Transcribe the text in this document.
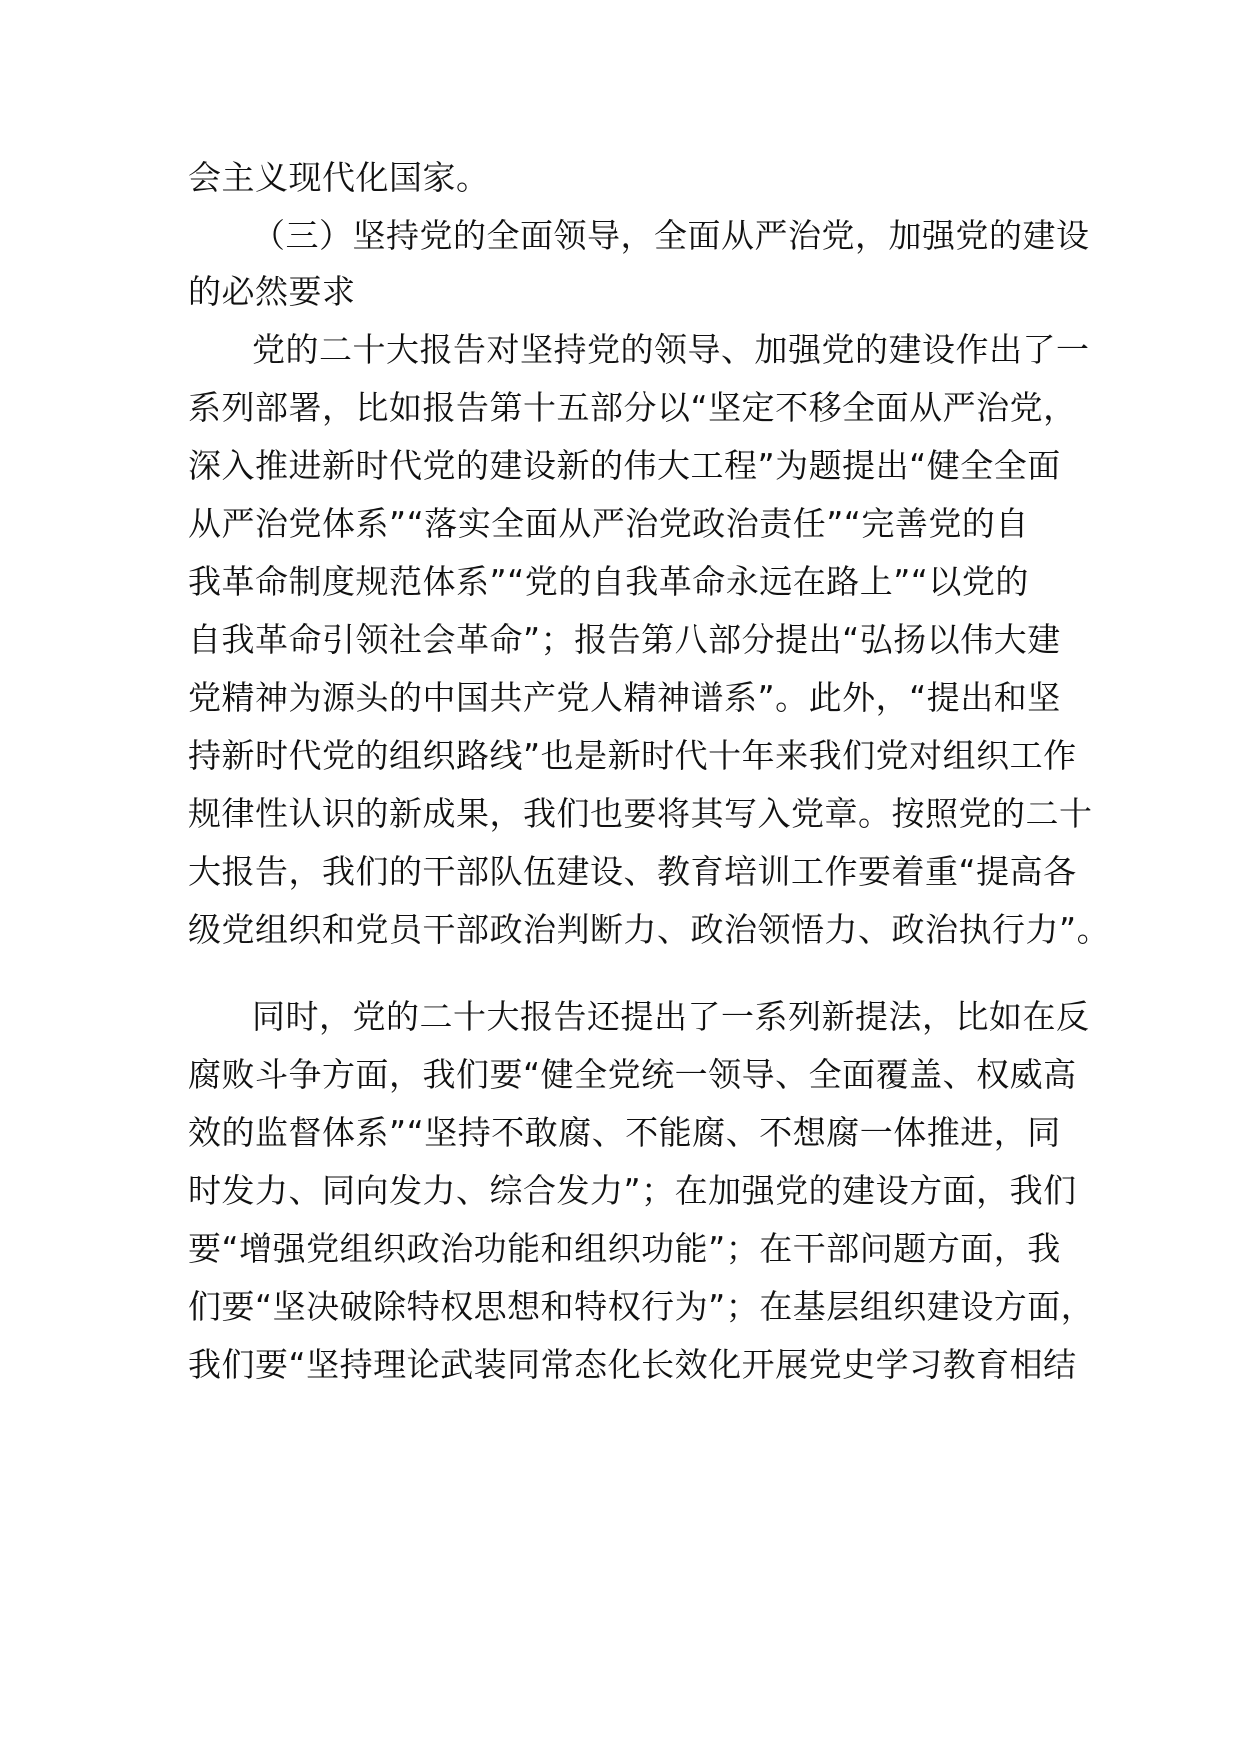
会主义现代化国家。
（三）坚持党的全面领导，全面从严治党，加强党的建设
的必然要求
党的二十大报告对坚持党的领导、加强党的建设作出了一
系列部署，比如报告第十五部分以“坚定不移全面从严治党，
深入推进新时代党的建设新的伟大工程”为题提出“健全全面
从严治党体系”“落实全面从严治党政治责任”“完善党的自
我革命制度规范体系”“党的自我革命永远在路上”“以党的
自我革命引领社会革命”；报告第八部分提出“弘扬以伟大建
党精神为源头的中国共产党人精神谱系”。此外，“提出和坚
持新时代党的组织路线”也是新时代十年来我们党对组织工作
规律性认识的新成果，我们也要将其写入党章。按照党的二十
大报告，我们的干部队伍建设、教育培训工作要着重“提高各
级党组织和党员干部政治判断力、政治领悟力、政治执行力”。
同时，党的二十大报告还提出了一系列新提法，比如在反
腐败斗争方面，我们要“健全党统一领导、全面覆盖、权威高
效的监督体系”“坚持不敢腐、不能腐、不想腐一体推进，同
时发力、同向发力、综合发力”；在加强党的建设方面，我们
要“增强党组织政治功能和组织功能”；在干部问题方面，我
们要“坚决破除特权思想和特权行为”；在基层组织建设方面，
我们要“坚持理论武装同常态化长效化开展党史学习教育相结
